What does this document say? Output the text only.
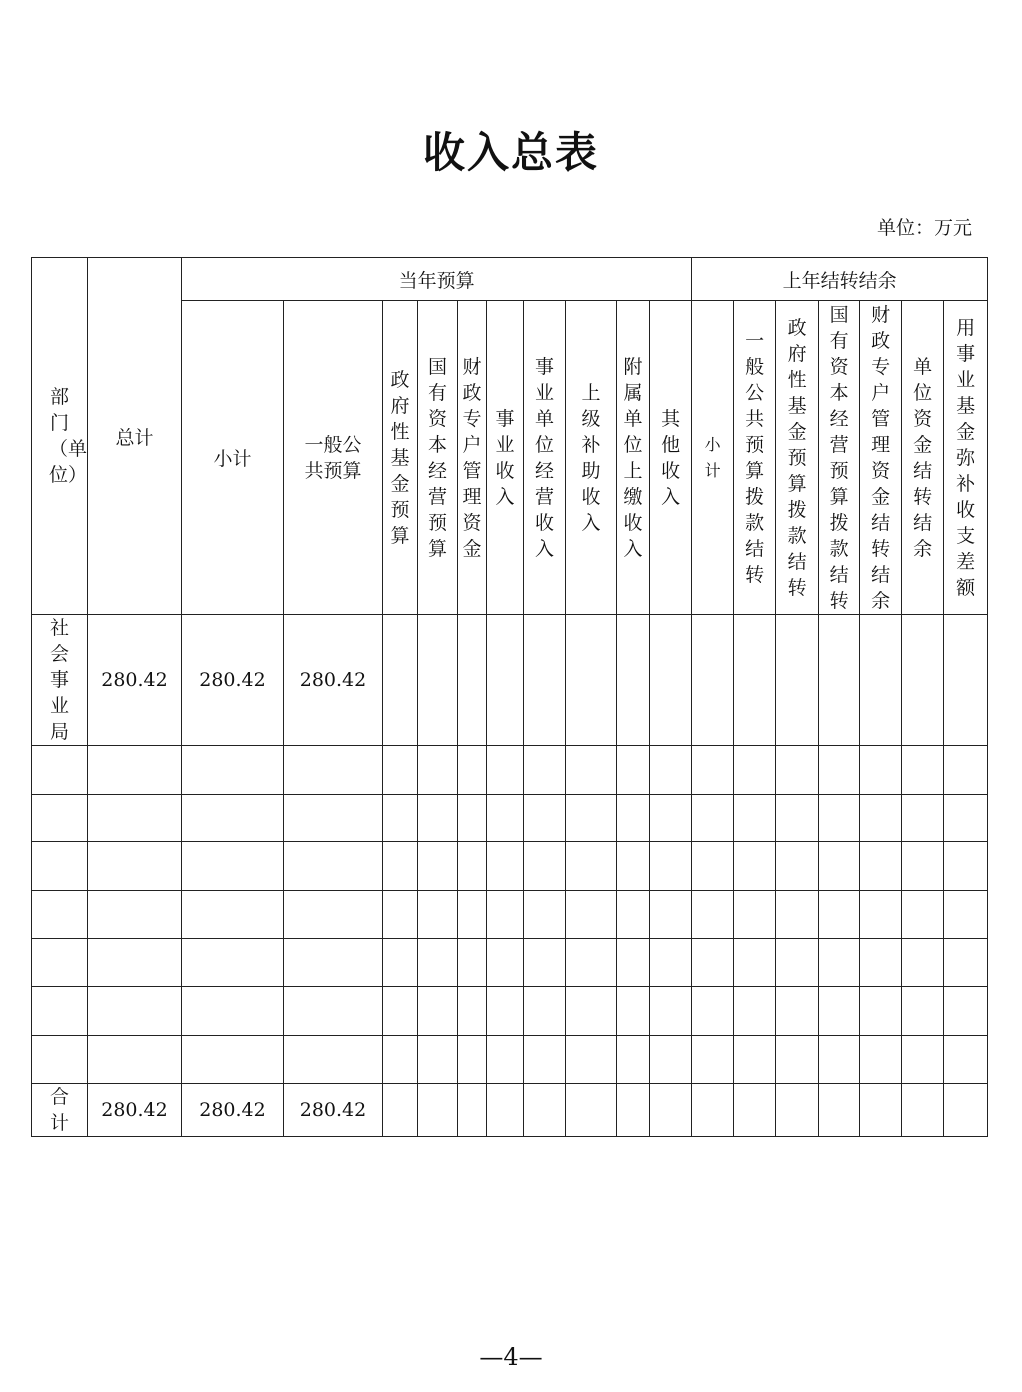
收入总表
单位：万元
部门（单位）	总计	当年预算										上年结转结余						
		小计	一般公共预算	政府性基金预算	国有资本经营预算	财政专户管理资金	事业收入	事业单位经营收入	上级补助收入	附属单位上缴收入	其他收入	小计	一般公共预算拨款结转	政府性基金预算拨款结转	国有资本经营预算拨款结转	财政专户管理资金结转结余	单位资金结转结余	用事业基金弥补收支差额

社会事业局	280.42	280.42	280.42															

合计	280.42	280.42	280.42															
—4—
